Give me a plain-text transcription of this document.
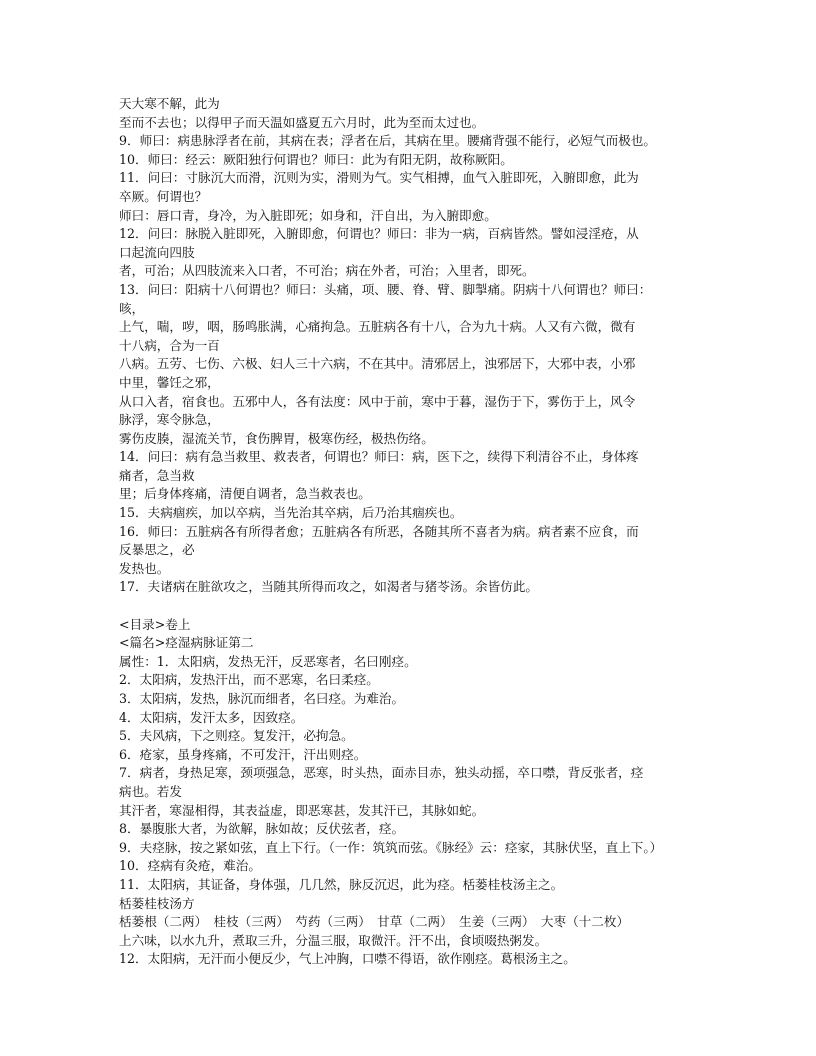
天大寒不解，此为
至而不去也；以得甲子而天温如盛夏五六月时，此为至而太过也。
9．师曰：病患脉浮者在前，其病在表；浮者在后，其病在里。腰痛背强不能行，必短气而极也。
10．师曰：经云：厥阳独行何谓也？师曰：此为有阳无阴，故称厥阳。
11．问曰：寸脉沉大而滑，沉则为实，滑则为气。实气相搏，血气入脏即死，入腑即愈，此为
卒厥。何谓也？
师曰：唇口青，身冷，为入脏即死；如身和，汗自出，为入腑即愈。
12．问曰：脉脱入脏即死，入腑即愈，何谓也？师曰：非为一病，百病皆然。譬如浸淫疮，从
口起流向四肢
者，可治；从四肢流来入口者，不可治；病在外者，可治；入里者，即死。
13．问曰：阳病十八何谓也？师曰：头痛，项、腰、脊、臂、脚掣痛。阴病十八何谓也？师曰：
咳，
上气，喘，哕，咽，肠鸣胀满，心痛拘急。五脏病各有十八，合为九十病。人又有六微，微有
十八病，合为一百
八病。五劳、七伤、六极、妇人三十六病，不在其中。清邪居上，浊邪居下，大邪中表，小邪
中里，馨饪之邪，
从口入者，宿食也。五邪中人，各有法度：风中于前，寒中于暮，湿伤于下，雾伤于上，风令
脉浮，寒令脉急，
雾伤皮腠，湿流关节，食伤脾胃，极寒伤经，极热伤络。
14．问曰：病有急当救里、救表者，何谓也？师曰：病，医下之，续得下利清谷不止，身体疼
痛者，急当救
里；后身体疼痛，清便自调者，急当救表也。
15．夫病痼疾，加以卒病，当先治其卒病，后乃治其痼疾也。
16．师曰：五脏病各有所得者愈；五脏病各有所恶，各随其所不喜者为病。病者素不应食，而
反暴思之，必
发热也。
17．夫诸病在脏欲攻之，当随其所得而攻之，如渴者与猪苓汤。余皆仿此。
<目录>卷上
<篇名>痉湿病脉证第二
属性：1．太阳病，发热无汗，反恶寒者，名曰刚痉。
2．太阳病，发热汗出，而不恶寒，名曰柔痉。
3．太阳病，发热，脉沉而细者，名曰痉。为难治。
4．太阳病，发汗太多，因致痉。
5．夫风病，下之则痉。复发汗，必拘急。
6．疮家，虽身疼痛，不可发汗，汗出则痉。
7．病者，身热足寒，颈项强急，恶寒，时头热，面赤目赤，独头动摇，卒口噤，背反张者，痉
病也。若发
其汗者，寒湿相得，其表益虚，即恶寒甚，发其汗已，其脉如蛇。
8．暴腹胀大者，为欲解，脉如故；反伏弦者，痉。
9．夫痉脉，按之紧如弦，直上下行。（一作：筑筑而弦。《脉经》云：痉家，其脉伏坚，直上下。）
10．痉病有灸疮，难治。
11．太阳病，其证备，身体强，几几然，脉反沉迟，此为痉。栝蒌桂枝汤主之。
栝蒌桂枝汤方
栝蒌根（二两）　桂枝（三两）　芍药（三两）　甘草（二两）　生姜（三两）　大枣（十二枚）
上六味，以水九升，煮取三升，分温三服，取微汗。汗不出，食顷啜热粥发。
12．太阳病，无汗而小便反少，气上冲胸，口噤不得语，欲作刚痉。葛根汤主之。
